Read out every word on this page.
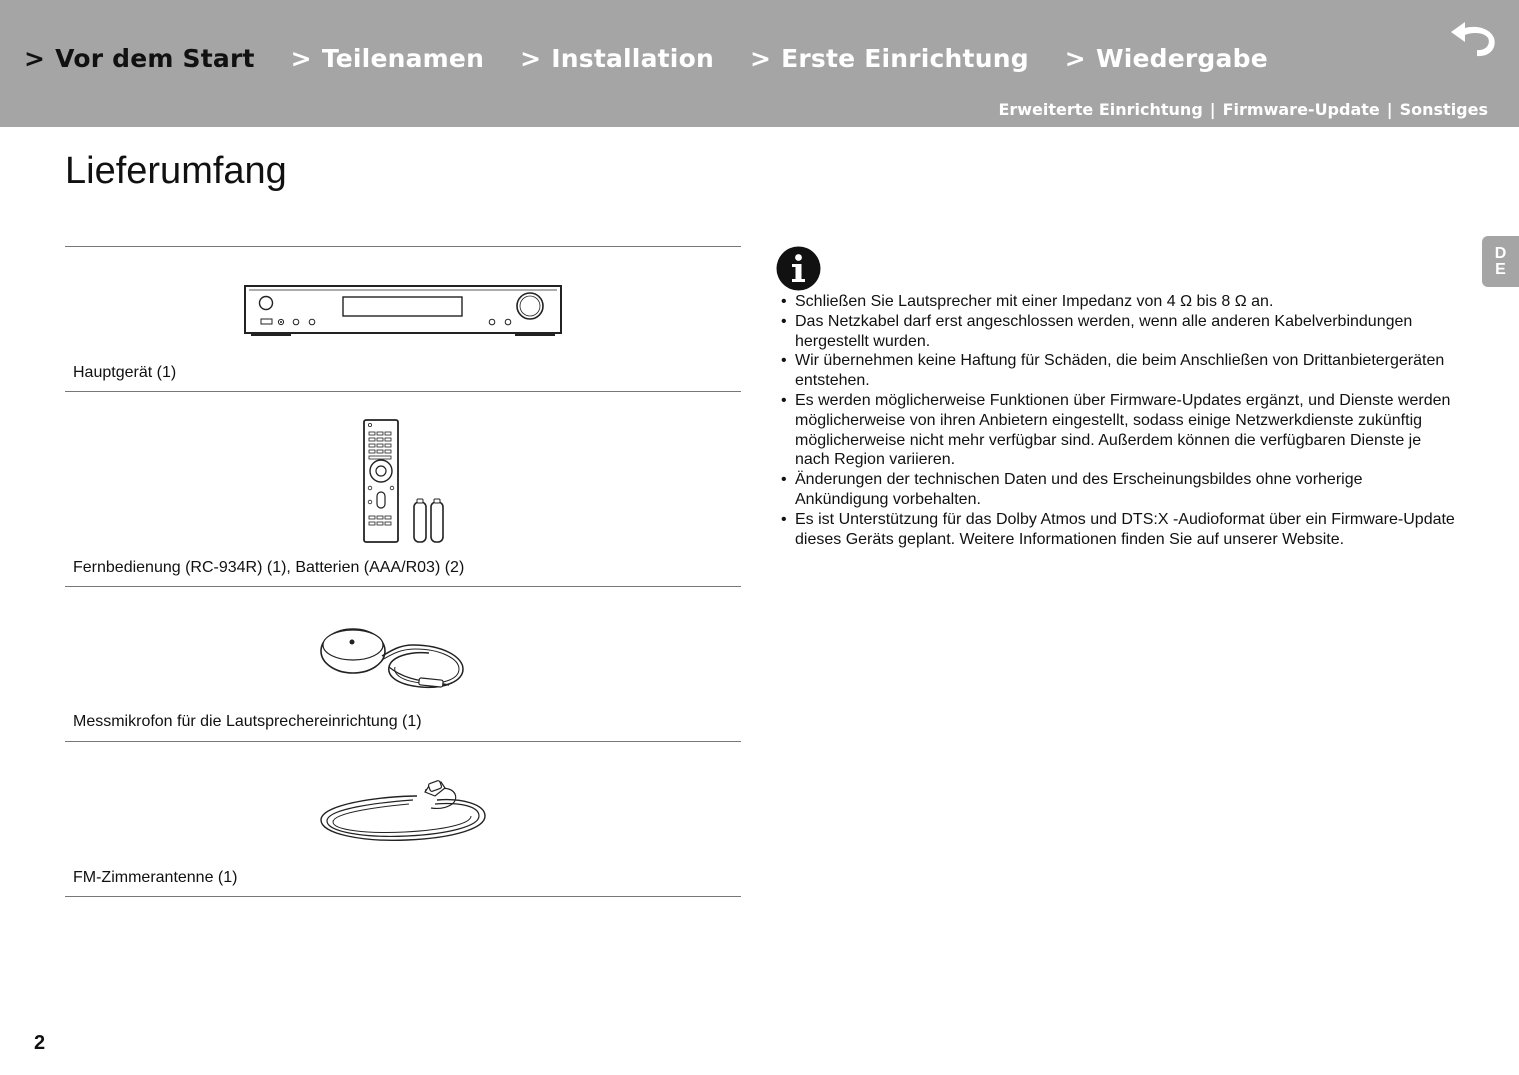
> Vor dem Start > Teilenamen > Installation > Erste Einrichtung > Wiedergabe
Erweiterte Einrichtung | Firmware-Update | Sonstiges
Lieferumfang
Hauptgerät (1)
Fernbedienung (RC-934R) (1), Batterien (AAA/R03) (2)
Messmikrofon für die Lautsprechereinrichtung (1)
FM-Zimmerantenne (1)
• Schließen Sie Lautsprecher mit einer Impedanz von 4 Ω bis 8 Ω an.
• Das Netzkabel darf erst angeschlossen werden, wenn alle anderen Kabelverbindungen hergestellt wurden.
• Wir übernehmen keine Haftung für Schäden, die beim Anschließen von Drittanbietergeräten entstehen.
• Es werden möglicherweise Funktionen über Firmware-Updates ergänzt, und Dienste werden möglicherweise von ihren Anbietern eingestellt, sodass einige Netzwerkdienste zukünftig möglicherweise nicht mehr verfügbar sind. Außerdem können die verfügbaren Dienste je nach Region variieren.
• Änderungen der technischen Daten und des Erscheinungsbildes ohne vorherige Ankündigung vorbehalten.
• Es ist Unterstützung für das Dolby Atmos und DTS:X -Audioformat über ein Firmware-Update dieses Geräts geplant. Weitere Informationen finden Sie auf unserer Website.
DE
2
